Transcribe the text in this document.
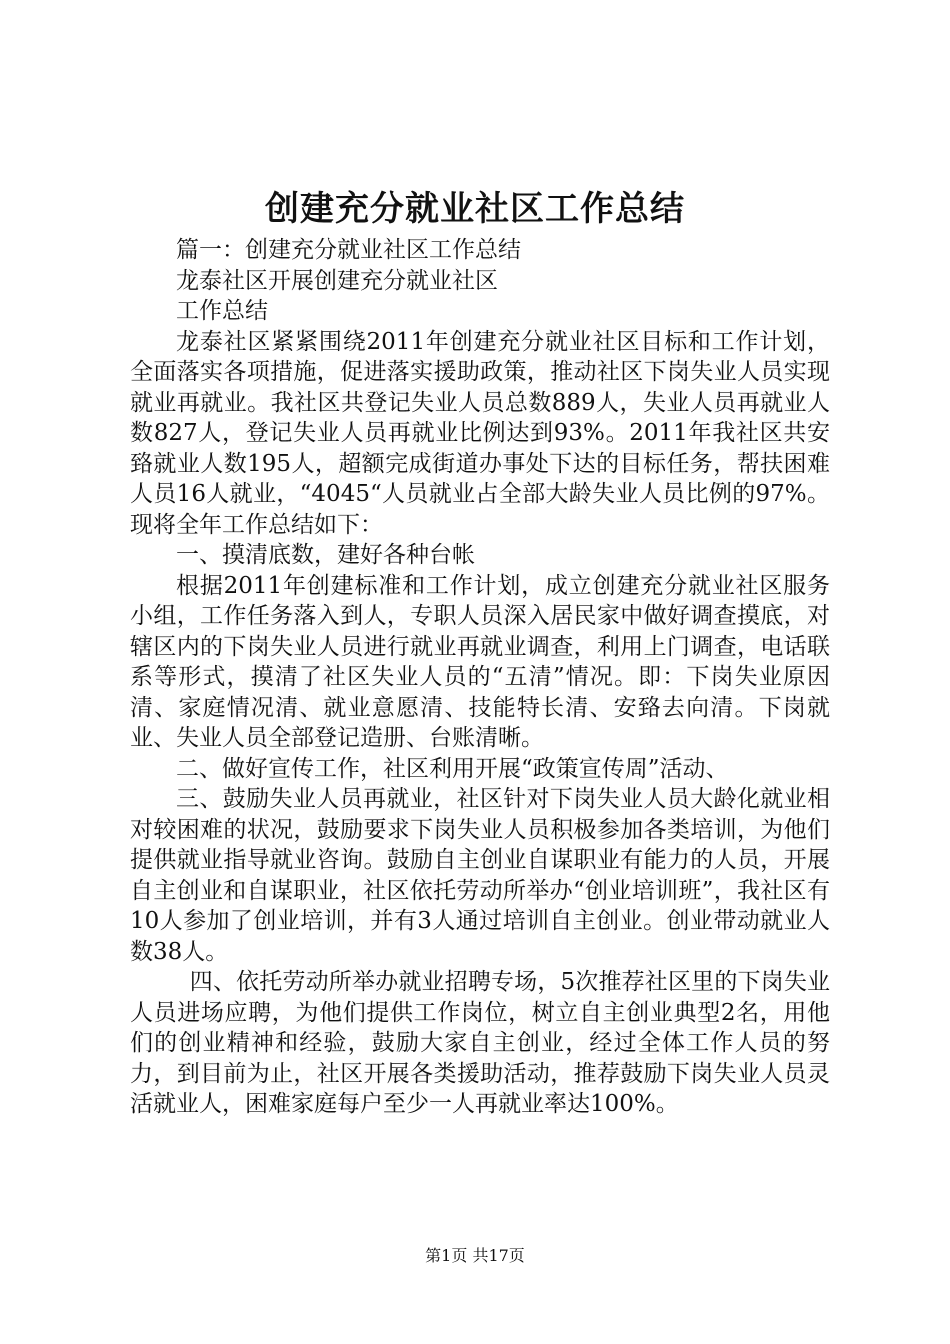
创建充分就业社区工作总结

篇一：创建充分就业社区工作总结

龙泰社区开展创建充分就业社区

工作总结

龙泰社区紧紧围绕2011年创建充分就业社区目标和工作计划，全面落实各项措施，促进落实援助政策，推动社区下岗失业人员实现就业再就业。我社区共登记失业人员总数889人，失业人员再就业人数827人，登记失业人员再就业比例达到93%。2011年我社区共安臵就业人数195人，超额完成街道办事处下达的目标任务，帮扶困难人员16人就业，“4045“人员就业占全部大龄失业人员比例的97%。现将全年工作总结如下：

一、摸清底数，建好各种台帐

根据2011年创建标准和工作计划，成立创建充分就业社区服务小组，工作任务落入到人，专职人员深入居民家中做好调查摸底，对辖区内的下岗失业人员进行就业再就业调查，利用上门调查，电话联系等形式，摸清了社区失业人员的“五清”情况。即：下岗失业原因清、家庭情况清、就业意愿清、技能特长清、安臵去向清。下岗就业、失业人员全部登记造册、台账清晰。

二、做好宣传工作，社区利用开展“政策宣传周”活动、

三、鼓励失业人员再就业，社区针对下岗失业人员大龄化就业相对较困难的状况，鼓励要求下岗失业人员积极参加各类培训，为他们提供就业指导就业咨询。鼓励自主创业自谋职业有能力的人员，开展自主创业和自谋职业，社区依托劳动所举办“创业培训班”，我社区有10人参加了创业培训，并有3人通过培训自主创业。创业带动就业人数38人。

四、依托劳动所举办就业招聘专场，5次推荐社区里的下岗失业人员进场应聘，为他们提供工作岗位，树立自主创业典型2名，用他们的创业精神和经验，鼓励大家自主创业，经过全体工作人员的努力，到目前为止，社区开展各类援助活动，推荐鼓励下岗失业人员灵活就业人，困难家庭每户至少一人再就业率达100%。

第1页 共17页
